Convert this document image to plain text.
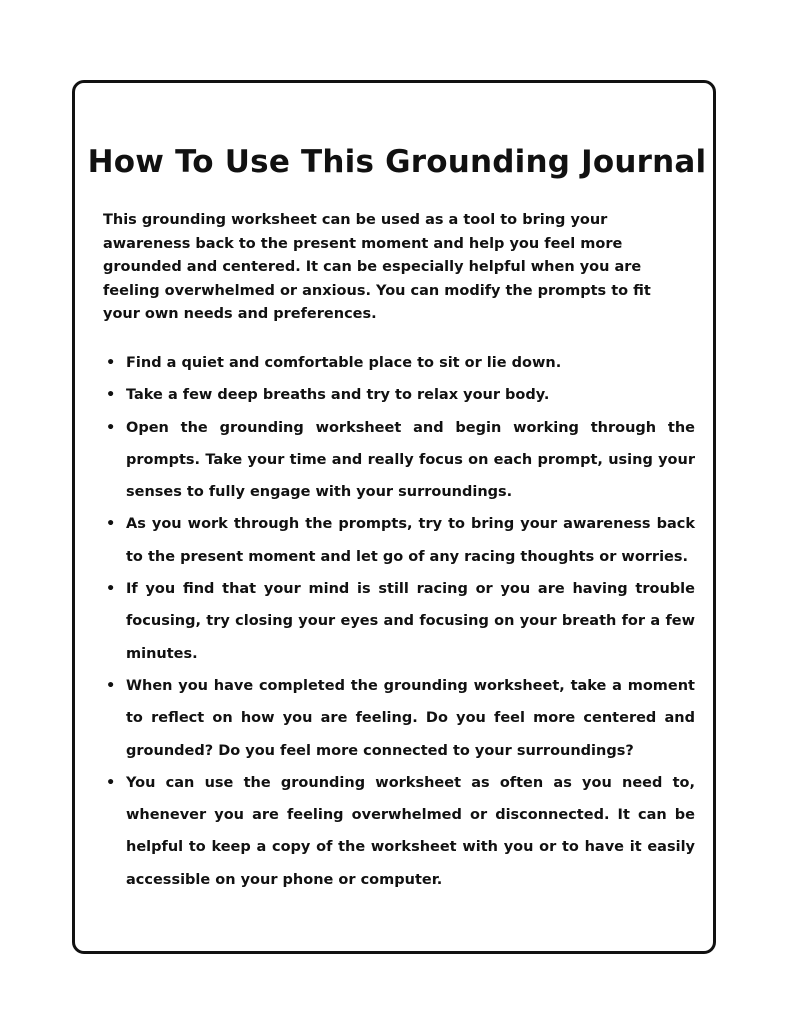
How To Use This Grounding Journal

This grounding worksheet can be used as a tool to bring your awareness back to the present moment and help you feel more grounded and centered. It can be especially helpful when you are feeling overwhelmed or anxious. You can modify the prompts to fit your own needs and preferences.

• Find a quiet and comfortable place to sit or lie down.
• Take a few deep breaths and try to relax your body.
• Open the grounding worksheet and begin working through the prompts. Take your time and really focus on each prompt, using your senses to fully engage with your surroundings.
• As you work through the prompts, try to bring your awareness back to the present moment and let go of any racing thoughts or worries.
• If you find that your mind is still racing or you are having trouble focusing, try closing your eyes and focusing on your breath for a few minutes.
• When you have completed the grounding worksheet, take a moment to reflect on how you are feeling. Do you feel more centered and grounded? Do you feel more connected to your surroundings?
• You can use the grounding worksheet as often as you need to, whenever you are feeling overwhelmed or disconnected. It can be helpful to keep a copy of the worksheet with you or to have it easily accessible on your phone or computer.
